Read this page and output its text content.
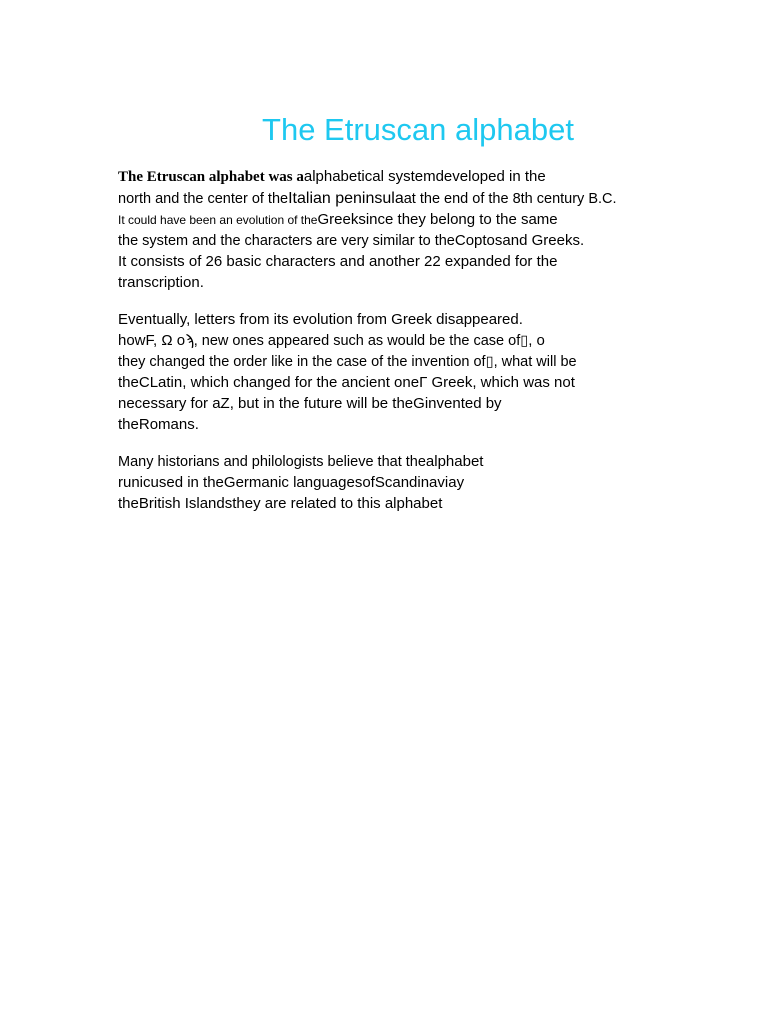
The Etruscan alphabet
The Etruscan alphabet was aalphabetical systemdeveloped in the
north and the center of theItalian peninsulaat the end of the 8th century B.C.
It could have been an evolution of theGreeksince they belong to the same
the system and the characters are very similar to theCoptosand Greeks.
It consists of 26 basic characters and another 22 expanded for the
transcription.
Eventually, letters from its evolution from Greek disappeared.
howF, Ω oϡ, new ones appeared such as would be the case of▯, o
they changed the order like in the case of the invention of▯, what will be
theCLatin, which changed for the ancient oneΓ Greek, which was not
necessary for aZ, but in the future will be theGinvented by
theRomans.
Many historians and philologists believe that thealphabet
runicused in theGermanic languagesofScandinaviay
theBritish Islandsthey are related to this alphabet
